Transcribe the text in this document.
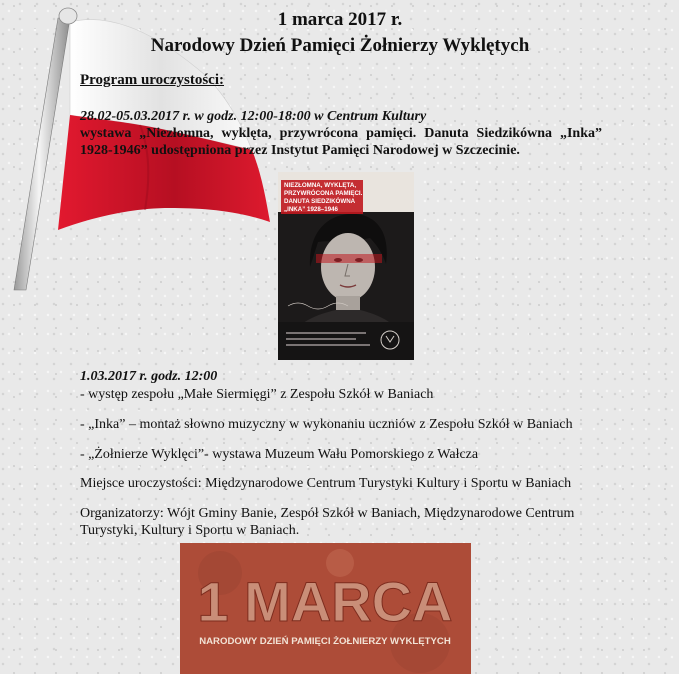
1 marca 2017 r.
Narodowy Dzień Pamięci Żołnierzy Wyklętych
Program uroczystości:
28.02-05.03.2017 r. w godz. 12:00-18:00 w Centrum Kultury
wystawa „Niezłomna, wyklęta, przywrócona pamięci. Danuta Siedzikówna „Inka” 1928-1946” udostępniona przez Instytut Pamięci Narodowej w Szczecinie.
NIEZŁOMNA, WYKLĘTA,
PRZYWRÓCONA PAMIĘCI.
DANUTA SIEDZIKÓWNA
„INKA” 1928–1946
1.03.2017 r. godz. 12:00
- występ zespołu „Małe Siermięgi” z Zespołu Szkół w Baniach
- „Inka” – montaż słowno muzyczny w wykonaniu uczniów z Zespołu Szkół w Baniach
- „Żołnierze Wyklęci”- wystawa Muzeum Wału Pomorskiego z Wałcza
Miejsce uroczystości: Międzynarodowe Centrum Turystyki Kultury i Sportu w Baniach
Organizatorzy: Wójt Gminy Banie, Zespół Szkół w Baniach, Międzynarodowe Centrum Turystyki, Kultury i Sportu w Baniach.
1 MARCA
NARODOWY DZIEŃ PAMIĘCI ŻOŁNIERZY WYKLĘTYCH
